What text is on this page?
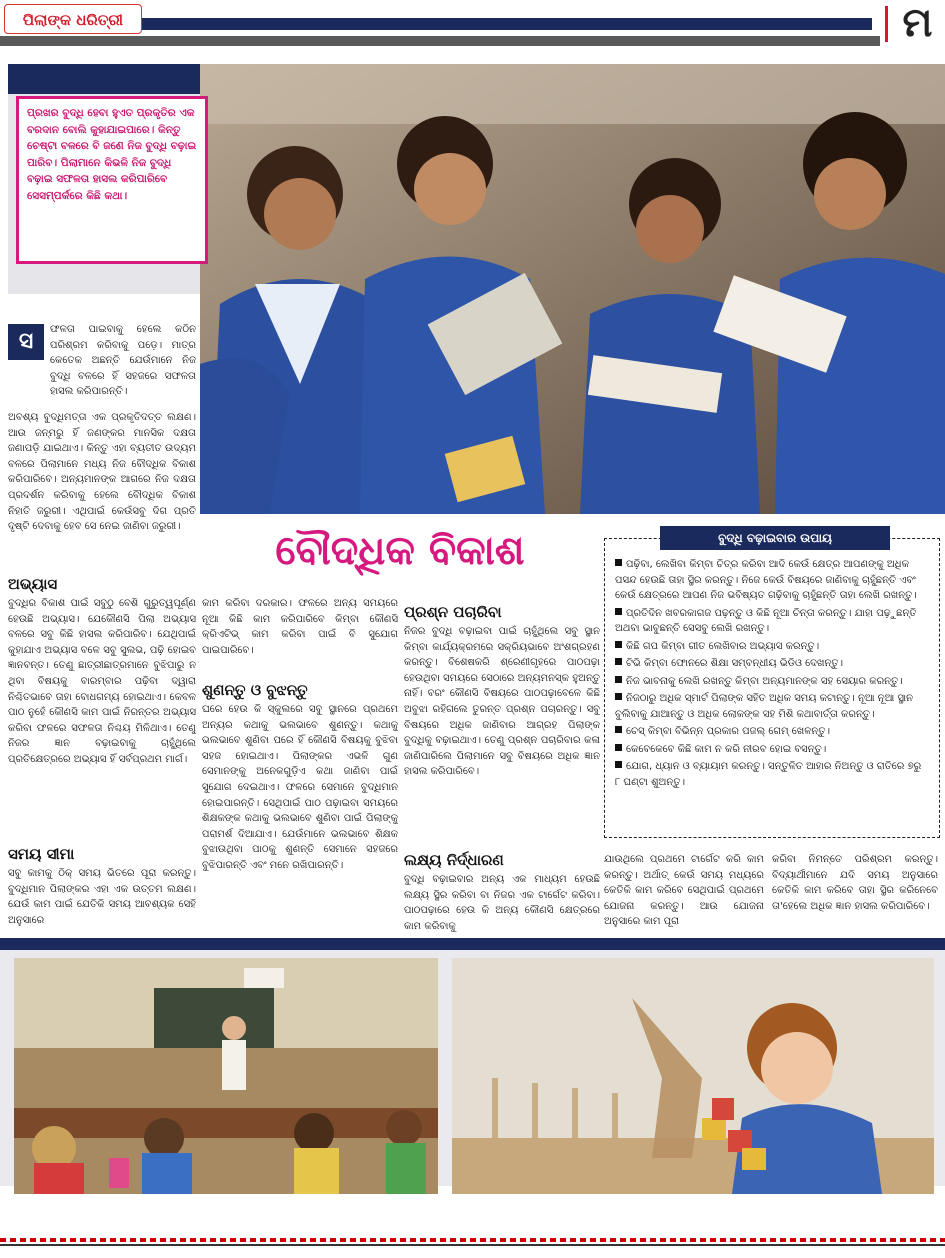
ପିଲାଙ୍କ ଧରିତ୍ରୀ	ମ
ପ୍ରଖର ବୁଦ୍ଧି ହେବା ହୁଏତ ପ୍ରକୃତିର ଏକ ବରଦାନ ବୋଲି କୁହାଯାଇପାରେ। କିନ୍ତୁ ଚେଷ୍ଟା ବଳରେ ବି ଜଣେ ନିଜ ବୁଦ୍ଧି ବଢ଼ାଇ ପାରିବ। ପିଲାମାନେ କିଭଳି ନିଜ ବୁଦ୍ଧି ବଢ଼ାଇ ସଫଳତା ହାସଲ କରିପାରିବେ ସେସମ୍ପର୍କରେ କିଛି କଥା।
ବୌଦ୍ଧିକ ବିକାଶ
ସ	ଫଳତା ପାଇବାକୁ ହେଲେ କଠିନ ପରିଶ୍ରମ କରିବାକୁ ପଡ଼େ। ମାତ୍ର କେତେକ ଅଛନ୍ତି ଯେଉଁମାନେ ନିଜ ବୁଦ୍ଧି ବଳରେ ହିଁ ସହଜରେ ସଫଳତା ହାସଲ କରିପାରନ୍ତି।
ଅବଶ୍ୟ ବୁଦ୍ଧିମତ୍ତା ଏକ ପ୍ରକୃତିଦତ୍ତ ଲକ୍ଷଣ। ଆଉ ଜନ୍ମରୁ ହିଁ ଜଣଙ୍କର ମାନସିକ ଦକ୍ଷତା ଜଣାପଡ଼ି ଯାଇଥାଏ। କିନ୍ତୁ ଏହା ବ୍ୟତୀତ ଉଦ୍ୟମ ବଳରେ ପିଲାମାନେ ମଧ୍ୟ ନିଜ ବୌଦ୍ଧିକ ବିକାଶ କରିପାରିବେ। ଅନ୍ୟମାନଙ୍କ ଆଗରେ ନିଜ ଦକ୍ଷତା ପ୍ରଦର୍ଶନ କରିବାକୁ ହେଲେ ବୌଦ୍ଧିକ ବିକାଶ ନିହାତି ଜରୁରୀ। ଏଥିପାଇଁ କେଉଁସବୁ ଦିଗ ପ୍ରତି ଦୃଷ୍ଟି ଦେବାକୁ ହେବ ସେ ନେଇ ଜାଣିବା ଜରୁରୀ।
ଅଭ୍ୟାସ
ବୁଦ୍ଧିର ବିକାଶ ପାଇଁ ସବୁଠୁ ବେଶି ଗୁରୁତ୍ୱପୂର୍ଣ୍ଣ ହେଉଛି ଅଭ୍ୟାସ। ଯେକୌଣସି ପିଲା ଅଭ୍ୟାସ ବଳରେ ସବୁ କିଛି ହାସଲ କରିପାରିବ। ଯେଥିପାଇଁ କୁହାଯାଏ ଅଭ୍ୟାସ ବଳେ ସବୁ ସୁଲଭ, ପଢ଼ି ହୋଇବ ଜ୍ଞାନବନ୍ତ। ତେଣୁ ଛାତ୍ରୀଛାତ୍ରମାନେ ବୁଝିପାରୁ ନ ଥିବା ବିଷୟକୁ ବାରମ୍ବାର ପଢ଼ିବା ଦ୍ୱାରା ନିଶ୍ଚିତଭାବେ ତାହା ବୋଧଗମ୍ୟ ହୋଇଥାଏ। କେବଳ ପାଠ ନୁହେଁ କୌଣସି କାମ ପାଇଁ ନିରନ୍ତର ଅଭ୍ୟାସ କରିବା ଫଳରେ ସଫଳତା ନିଶ୍ଚୟ ମିଳିଥାଏ। ତେଣୁ ନିଜର ଜ୍ଞାନ ବଢ଼ାଇବାକୁ ଚାହୁଁଥିଲେ ପ୍ରତିକ୍ଷେତ୍ରରେ ଅଭ୍ୟାସ ହିଁ ସର୍ବପ୍ରଥମ ମାର୍ଗ।
ସମୟ ସୀମା
ସବୁ କାମକୁ ଠିକ୍ ସମୟ ଭିତରେ ପୂରା କରନ୍ତୁ। ବୁଦ୍ଧିମାନ ପିଲାଙ୍କର ଏହା ଏକ ଉତ୍ତମ ଲକ୍ଷଣ। ଯେଉଁ କାମ ପାଇଁ ଯେତିକି ସମୟ ଆବଶ୍ୟକ ସେହି ଅନୁସାରେ
କାମ କରିବା ଦରକାର। ଫଳରେ ଅନ୍ୟ ସମୟରେ ନୂଆ କିଛି କାମ କରିପାରିବେ କିମ୍ବା କୌଣସି କ୍ରିଏଟିଭ୍ କାମ କରିବା ପାଇଁ ବି ସୁଯୋଗ ପାଇପାରିବେ।
ଶୁଣନ୍ତୁ ଓ ବୁଝନ୍ତୁ
ଘରେ ହେଉ କି ସ୍କୁଲରେ ସବୁ ସ୍ଥାନରେ ପ୍ରଥମେ ଅନ୍ୟର କଥାକୁ ଭଲଭାବେ ଶୁଣନ୍ତୁ। କଥାକୁ ଭଲଭାବେ ଶୁଣିବା ପରେ ହିଁ କୌଣସି ବିଷୟକୁ ବୁଝିବା ସହଜ ହୋଇଥାଏ। ପିଲାଙ୍କର ଏଭଳି ଗୁଣ ସେମାନଙ୍କୁ ଅନେକଗୁଡ଼ିଏ କଥା ଜାଣିବା ପାଇଁ ସୁଯୋଗ ଦେଇଥାଏ। ଫଳରେ ସେମାନେ ବୁଦ୍ଧିମାନ ହୋଇପାରନ୍ତି। ସେଥିପାଇଁ ପାଠ ପଢ଼ାଇବା ସମୟରେ ଶିକ୍ଷକଙ୍କ କଥାକୁ ଭଲଭାବେ ଶୁଣିବା ପାଇଁ ପିଲାଙ୍କୁ ପରାମର୍ଶ ଦିଆଯାଏ। ଯେଉଁମାନେ ଭଲଭାବେ ଶିକ୍ଷକ ବୁଝାଉଥିବା ପାଠକୁ ଶୁଣନ୍ତି ସେମାନେ ସହଜରେ ବୁଝିପାରନ୍ତି ଏବଂ ମନେ ରଖିପାରନ୍ତି।
ପ୍ରଶ୍ନ ପଚାରିବା
ନିଜର ବୁଦ୍ଧି ବଢ଼ାଇବା ପାଇଁ ଚାହୁଁଥିଲେ ସବୁ ସ୍ଥାନ କିମ୍ବା କାର୍ଯ୍ୟକ୍ରମରେ ସକ୍ରିୟଭାବେ ଅଂଶଗ୍ରହଣ କରନ୍ତୁ। ବିଶେଷକରି ଶ୍ରେଣୀଗୃହରେ ପାଠପଢ଼ା ହେଉଥିବା ସମୟରେ ସେଠାରେ ଅନ୍ୟମନସ୍କ ହୁଅନ୍ତୁ ନାହିଁ। ବରଂ କୌଣସି ବିଷୟରେ ପାଠପଢ଼ାବେଳେ କିଛି ଅବୁଝା ରହିଗଲେ ତୁରନ୍ତ ପ୍ରଶ୍ନ ପଚାରନ୍ତୁ। ସବୁ ବିଷୟରେ ଅଧିକ ଜାଣିବାର ଆଗ୍ରହ ପିଲାଙ୍କ ବୁଦ୍ଧିକୁ ବଢ଼ାଇଥାଏ। ତେଣୁ ପ୍ରଶ୍ନ ପଚାରିବାର କଳା ଜାଣିପାରିଲେ ପିଲାମାନେ ସବୁ ବିଷୟରେ ଅଧିକ ଜ୍ଞାନ ହାସଲ କରିପାରିବେ।
ଲକ୍ଷ୍ୟ ନିର୍ଦ୍ଧାରଣ
ବୁଦ୍ଧି ବଢ଼ାଇବାର ଅନ୍ୟ ଏକ ମାଧ୍ୟମ ହେଉଛି ଲକ୍ଷ୍ୟ ସ୍ଥିର କରିବା ବା ନିଜର ଏକ ଟାର୍ଗେଟ କରିବା। ପାଠପଢ଼ାରେ ହେଉ କି ଅନ୍ୟ କୌଣସି କ୍ଷେତ୍ରରେ କାମ କରିବାକୁ
ପଢ଼ିବା, ଲେଖିବା କିମ୍ବା ଚିତ୍ର କରିବା ଆଦି କେଉଁ କ୍ଷେତ୍ର ଆପଣଙ୍କୁ ଅଧିକ ପସନ୍ଦ ହେଉଛି ତାହା ସ୍ଥିର କରନ୍ତୁ। ନିଜେ କେଉଁ ବିଷୟରେ ଜାଣିବାକୁ ଚାହୁଁଛନ୍ତି ଏବଂ କେଉଁ କ୍ଷେତ୍ରରେ ଆପଣ ନିଜ ଭବିଷ୍ୟତ ଗଢ଼ିବାକୁ ଚାହୁଁଛନ୍ତି ତାହା ଲେଖି ରଖନ୍ତୁ।
ପ୍ରତିଦିନ ଖବରକାଗଜ ପଢ଼ନ୍ତୁ ଓ କିଛି ନୂଆ ଚିନ୍ତା କରନ୍ତୁ। ଯାହା ପଢ଼ୁଛନ୍ତି ଅଥବା ଭାବୁଛନ୍ତି ସେସବୁ ଲେଖି ରଖନ୍ତୁ।
କିଛି ଗପ କିମ୍ବା ଗୀତ ଲେଖିବାର ଅଭ୍ୟାସ କରନ୍ତୁ।
ଟିଭି କିମ୍ବା ଫୋନରେ ଶିକ୍ଷା ସମ୍ବନ୍ଧୀୟ ଭିଡିଓ ଦେଖନ୍ତୁ।
ନିଜ ଭାବନାକୁ ଲେଖି ରଖନ୍ତୁ କିମ୍ବା ଅନ୍ୟମାନଙ୍କ ସହ ସେୟାର କରନ୍ତୁ।
ନିଜଠାରୁ ଅଧିକ ସ୍ମାର୍ଟ ପିଲାଙ୍କ ସହିତ ଅଧିକ ସମୟ କଟାନ୍ତୁ। ନୂଆ ନୂଆ ସ୍ଥାନ ବୁଲିବାକୁ ଯାଆନ୍ତୁ ଓ ଅଧିକ ଲୋକଙ୍କ ସହ ମିଶି କଥାବାର୍ତ୍ତା କରନ୍ତୁ।
ଚେସ୍ କିମ୍ବା ବିଭିନ୍ନ ପ୍ରକାର ପଜଲ୍ ଗେମ୍ ଖେଳନ୍ତୁ।
କେବେକେବେ କିଛି କାମ ନ କରି ନୀରବ ହୋଇ ବସନ୍ତୁ।
ଯୋଗ, ଧ୍ୟାନ ଓ ବ୍ୟାୟାମ କରନ୍ତୁ। ସନ୍ତୁଳିତ ଆହାର ନିଅନ୍ତୁ ଓ ରାତିରେ ୭ରୁ ୮ ଘଣ୍ଟା ଶୁଅନ୍ତୁ।
ବୁଦ୍ଧି ବଢ଼ାଇବାର ଉପାୟ
ଯାଉଥିଲେ ପ୍ରଥମେ ଟାର୍ଗେଟ କରି କାମ କରନ୍ତୁ। ଅର୍ଥାତ୍ କେଉଁ ସମୟ ମଧ୍ୟରେ କେତିକି କାମ କରିବେ ସେଥିପାଇଁ ପ୍ରଥମେ ଯୋଜନା କରନ୍ତୁ। ଆଉ ଯୋଜନା ଅନୁସାରେ କାମ ପୂରା
କରିବା ନିମନ୍ତେ ପରିଶ୍ରମ କରନ୍ତୁ। ବିଦ୍ୟାର୍ଥୀମାନେ ଯଦି ସମୟ ଅନୁସାରେ କେତିକି କାମ କରିବେ ତାହା ସ୍ଥିର କରିନେବେ ତା'ହେଲେ ଅଧିକ ଜ୍ଞାନ ହାସଲ କରିପାରିବେ।
